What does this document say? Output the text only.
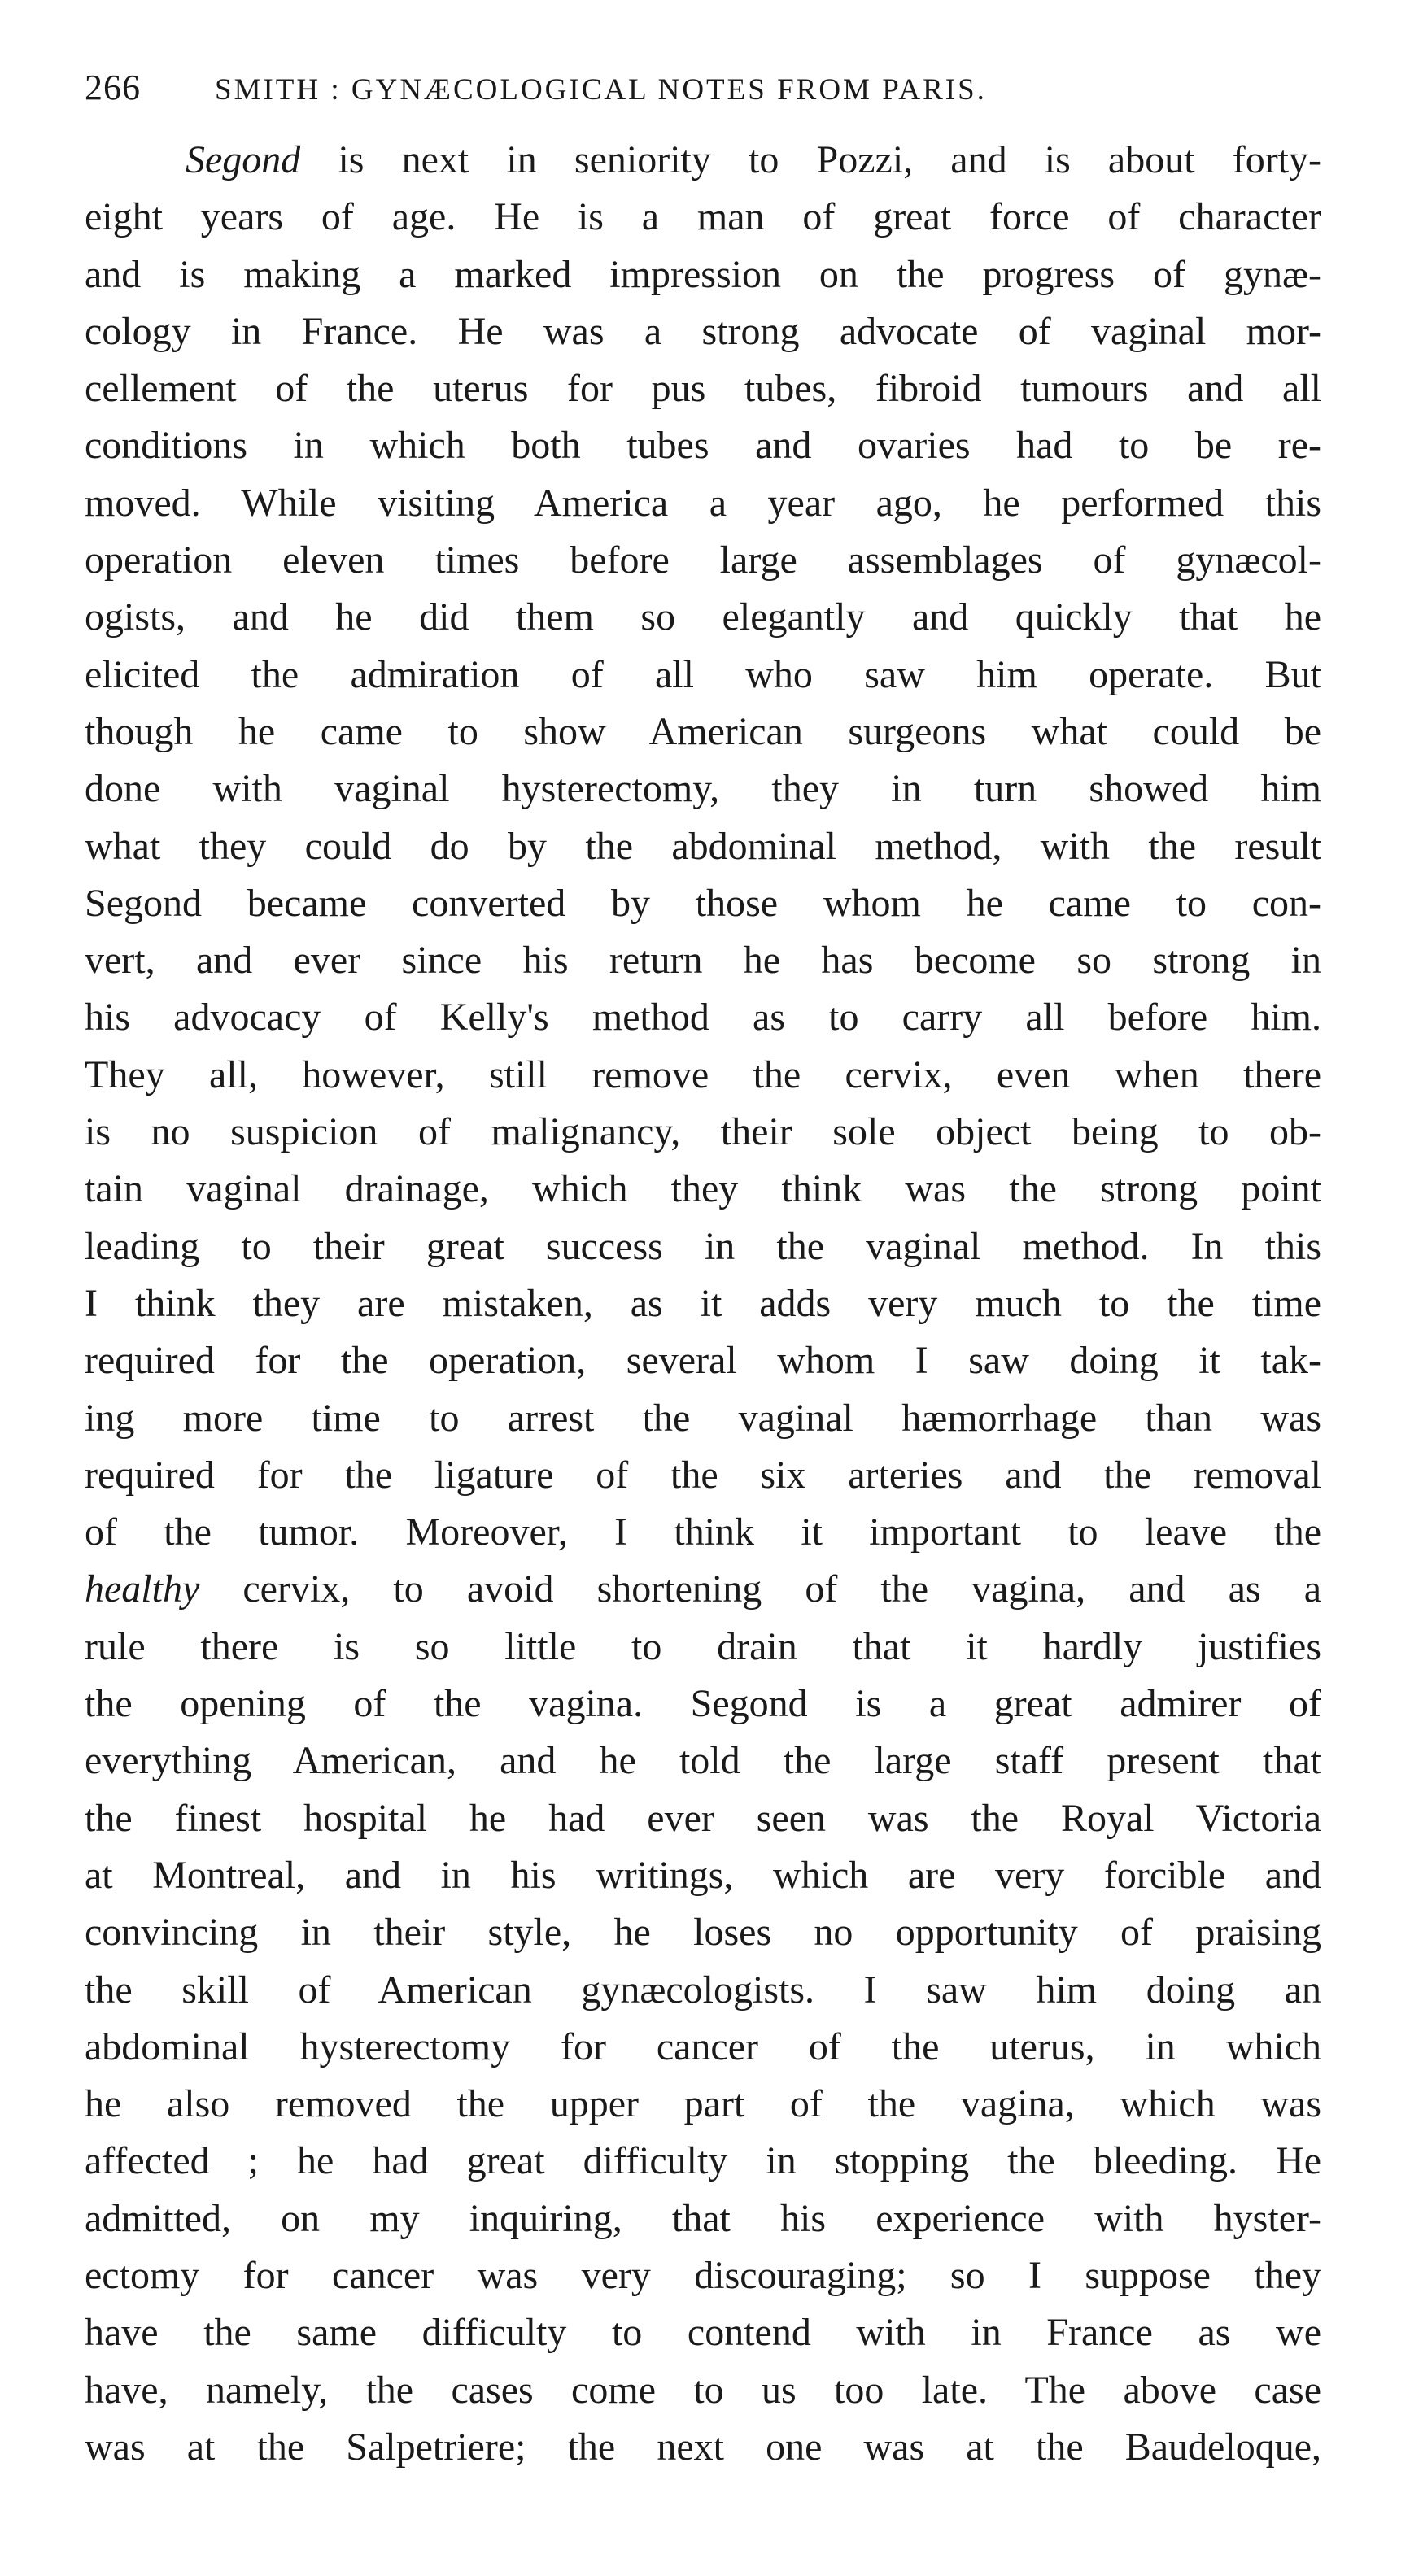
266	SMITH : GYNÆCOLOGICAL NOTES FROM PARIS.
Segond is next in seniority to Pozzi, and is about forty-
eight years of age. He is a man of great force of character
and is making a marked impression on the progress of gynæ-
cology in France. He was a strong advocate of vaginal mor-
cellement of the uterus for pus tubes, fibroid tumours and all
conditions in which both tubes and ovaries had to be re-
moved. While visiting America a year ago, he performed this
operation eleven times before large assemblages of gynæcol-
ogists, and he did them so elegantly and quickly that he
elicited the admiration of all who saw him operate. But
though he came to show American surgeons what could be
done with vaginal hysterectomy, they in turn showed him
what they could do by the abdominal method, with the result
Segond became converted by those whom he came to con-
vert, and ever since his return he has become so strong in
his advocacy of Kelly's method as to carry all before him.
They all, however, still remove the cervix, even when there
is no suspicion of malignancy, their sole object being to ob-
tain vaginal drainage, which they think was the strong point
leading to their great success in the vaginal method. In this
I think they are mistaken, as it adds very much to the time
required for the operation, several whom I saw doing it tak-
ing more time to arrest the vaginal hæmorrhage than was
required for the ligature of the six arteries and the removal
of the tumor. Moreover, I think it important to leave the
healthy cervix, to avoid shortening of the vagina, and as a
rule there is so little to drain that it hardly justifies
the opening of the vagina. Segond is a great admirer of
everything American, and he told the large staff present that
the finest hospital he had ever seen was the Royal Victoria
at Montreal, and in his writings, which are very forcible and
convincing in their style, he loses no opportunity of praising
the skill of American gynæcologists. I saw him doing an
abdominal hysterectomy for cancer of the uterus, in which
he also removed the upper part of the vagina, which was
affected ; he had great difficulty in stopping the bleeding. He
admitted, on my inquiring, that his experience with hyster-
ectomy for cancer was very discouraging; so I suppose they
have the same difficulty to contend with in France as we
have, namely, the cases come to us too late. The above case
was at the Salpetriere; the next one was at the Baudeloque,
